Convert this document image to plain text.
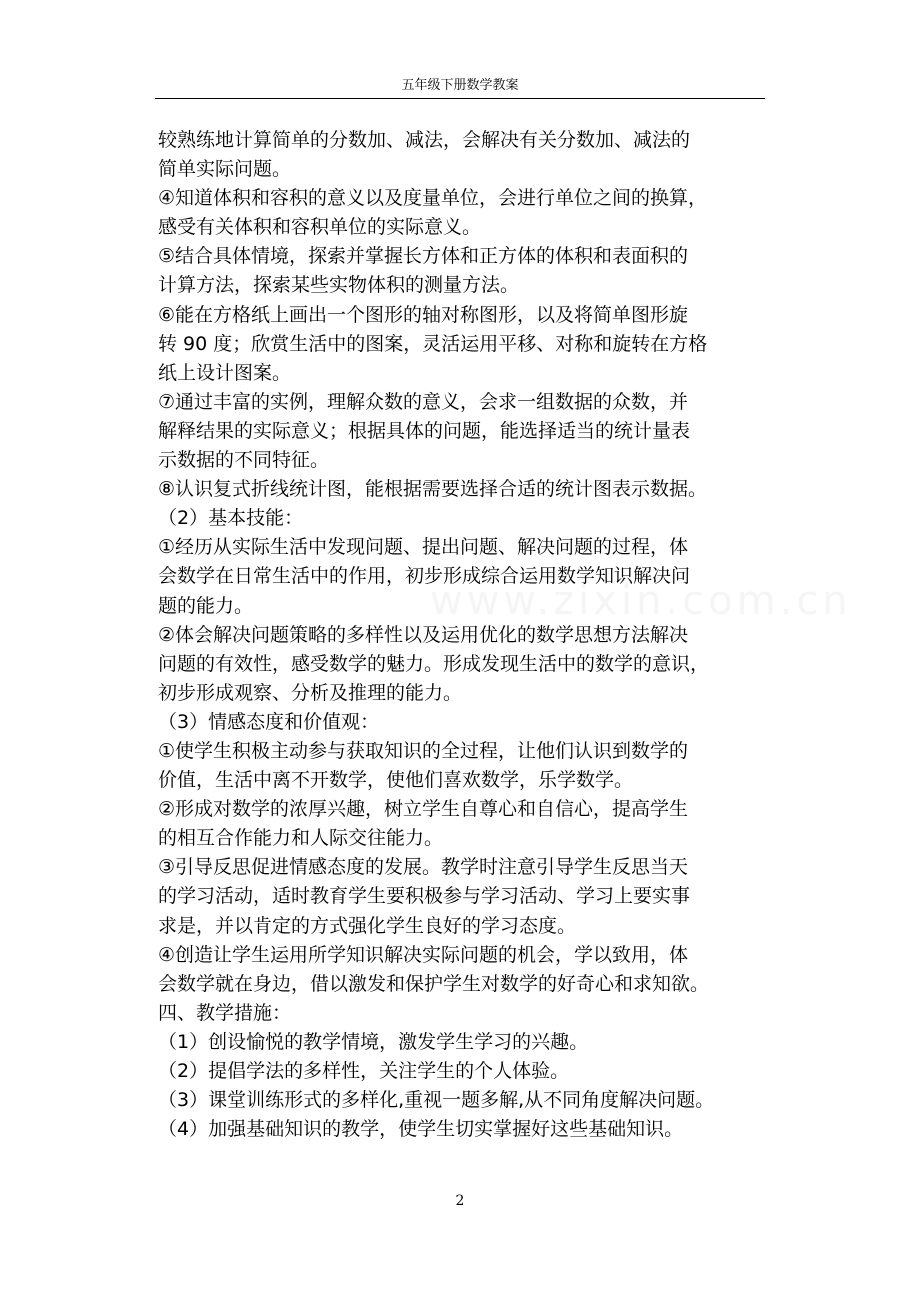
五年级下册数学教案
www.zixin.com.cn
较熟练地计算简单的分数加、减法，会解决有关分数加、减法的
简单实际问题。
④知道体积和容积的意义以及度量单位，会进行单位之间的换算，
感受有关体积和容积单位的实际意义。
⑤结合具体情境，探索并掌握长方体和正方体的体积和表面积的
计算方法，探索某些实物体积的测量方法。
⑥能在方格纸上画出一个图形的轴对称图形，以及将简单图形旋
转 90 度；欣赏生活中的图案，灵活运用平移、对称和旋转在方格
纸上设计图案。
⑦通过丰富的实例，理解众数的意义，会求一组数据的众数，并
解释结果的实际意义；根据具体的问题，能选择适当的统计量表
示数据的不同特征。
⑧认识复式折线统计图，能根据需要选择合适的统计图表示数据。
（2）基本技能：
①经历从实际生活中发现问题、提出问题、解决问题的过程，体
会数学在日常生活中的作用，初步形成综合运用数学知识解决问
题的能力。
②体会解决问题策略的多样性以及运用优化的数学思想方法解决
问题的有效性，感受数学的魅力。形成发现生活中的数学的意识，
初步形成观察、分析及推理的能力。
（3）情感态度和价值观：
①使学生积极主动参与获取知识的全过程，让他们认识到数学的
价值，生活中离不开数学，使他们喜欢数学，乐学数学。
②形成对数学的浓厚兴趣，树立学生自尊心和自信心，提高学生
的相互合作能力和人际交往能力。
③引导反思促进情感态度的发展。教学时注意引导学生反思当天
的学习活动，适时教育学生要积极参与学习活动、学习上要实事
求是，并以肯定的方式强化学生良好的学习态度。
④创造让学生运用所学知识解决实际问题的机会，学以致用，体
会数学就在身边，借以激发和保护学生对数学的好奇心和求知欲。
四、教学措施：
（1）创设愉悦的教学情境，激发学生学习的兴趣。
（2）提倡学法的多样性，关注学生的个人体验。
（3）课堂训练形式的多样化,重视一题多解,从不同角度解决问题。
（4）加强基础知识的教学，使学生切实掌握好这些基础知识。
2
